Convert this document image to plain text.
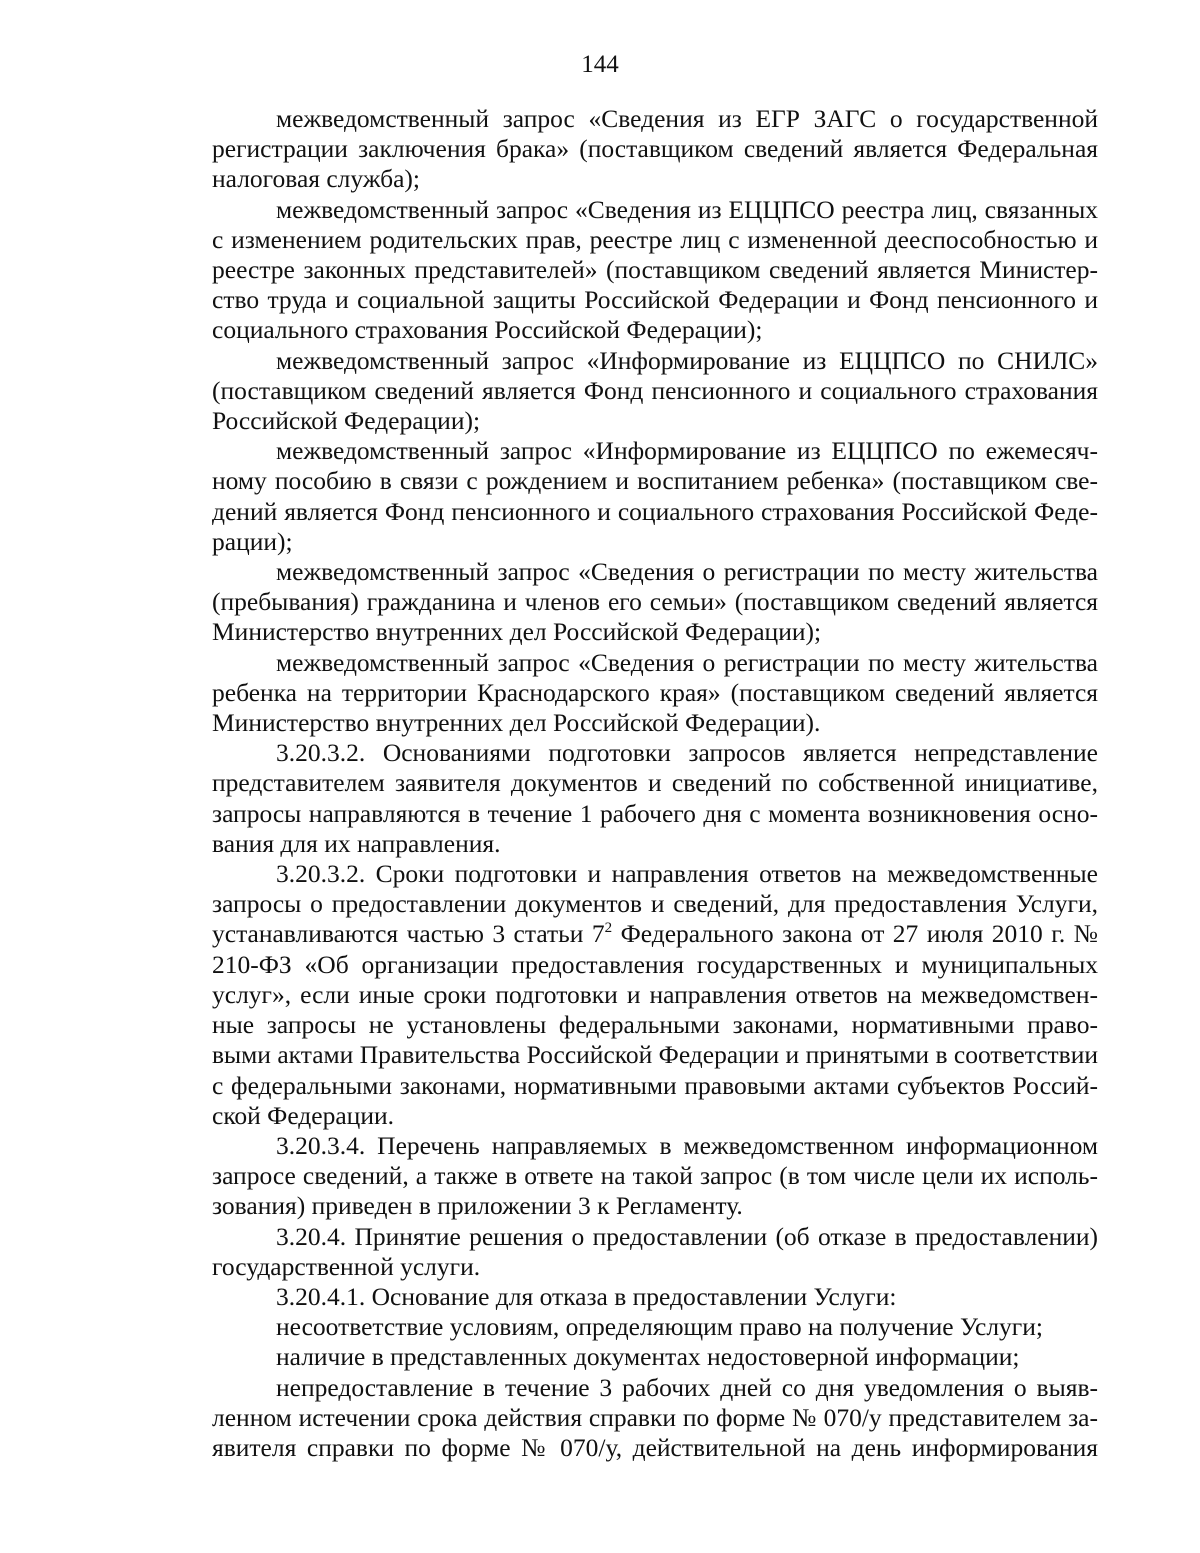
144

межведомственный запрос «Сведения из ЕГР ЗАГС о государственной регистрации заключения брака» (поставщиком сведений является Федеральная налоговая служба);

межведомственный запрос «Сведения из ЕЦЦПСО реестра лиц, связанных с изменением родительских прав, реестре лиц с измененной дееспособностью и реестре законных представителей» (поставщиком сведений является Министерство труда и социальной защиты Российской Федерации и Фонд пенсионного и социального страхования Российской Федерации);

межведомственный запрос «Информирование из ЕЦЦПСО по СНИЛС» (поставщиком сведений является Фонд пенсионного и социального страхования Российской Федерации);

межведомственный запрос «Информирование из ЕЦЦПСО по ежемесячному пособию в связи с рождением и воспитанием ребенка» (поставщиком сведений является Фонд пенсионного и социального страхования Российской Федерации);

межведомственный запрос «Сведения о регистрации по месту жительства (пребывания) гражданина и членов его семьи» (поставщиком сведений является Министерство внутренних дел Российской Федерации);

межведомственный запрос «Сведения о регистрации по месту жительства ребенка на территории Краснодарского края» (поставщиком сведений является Министерство внутренних дел Российской Федерации).

3.20.3.2. Основаниями подготовки запросов является непредставление представителем заявителя документов и сведений по собственной инициативе, запросы направляются в течение 1 рабочего дня с момента возникновения основания для их направления.

3.20.3.2. Сроки подготовки и направления ответов на межведомственные запросы о предоставлении документов и сведений, для предоставления Услуги, устанавливаются частью 3 статьи $7^2$ Федерального закона от 27 июля 2010 г. № 210-ФЗ «Об организации предоставления государственных и муниципальных услуг», если иные сроки подготовки и направления ответов на межведомственные запросы не установлены федеральными законами, нормативными правовыми актами Правительства Российской Федерации и принятыми в соответствии с федеральными законами, нормативными правовыми актами субъектов Российской Федерации.

3.20.3.4. Перечень направляемых в межведомственном информационном запросе сведений, а также в ответе на такой запрос (в том числе цели их использования) приведен в приложении 3 к Регламенту.

3.20.4. Принятие решения о предоставлении (об отказе в предоставлении) государственной услуги.

3.20.4.1. Основание для отказа в предоставлении Услуги:

несоответствие условиям, определяющим право на получение Услуги;

наличие в представленных документах недостоверной информации;

непредоставление в течение 3 рабочих дней со дня уведомления о выявленном истечении срока действия справки по форме № 070/у представителем заявителя справки по форме № 070/у, действительной на день информирования
